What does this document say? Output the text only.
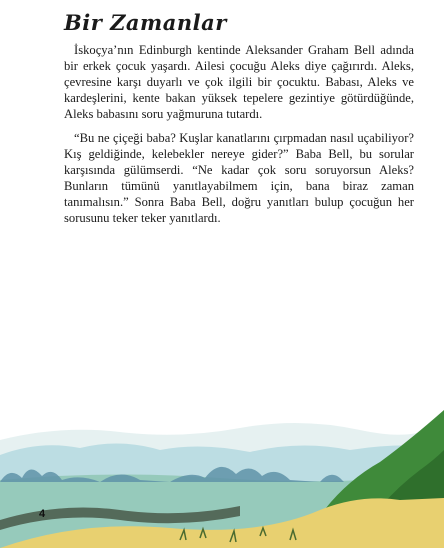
Bir Zamanlar

İskoçya’nın Edinburgh kentinde Aleksander Graham Bell adında bir erkek çocuk yaşardı. Ailesi çocuğu Aleks diye çağırırdı. Aleks, çevresine karşı duyarlı ve çok ilgili bir çocuktu. Babası, Aleks ve kardeşlerini, kente bakan yüksek tepelere gezintiye götürdüğünde, Aleks babasını soru yağmuruna tutardı.

“Bu ne çiçeği baba? Kuşlar kanatlarını çırpmadan nasıl uçabiliyor? Kış geldiğinde, kelebekler nereye gider?” Baba Bell, bu sorular karşısında gülümserdi. “Ne kadar çok soru soruyorsun Aleks? Bunların tümünü yanıtlayabilmem için, bana biraz zaman tanımalısın.” Sonra Baba Bell, doğru yanıtları bulup çocuğun her sorusunu teker teker yanıtlardı.

4
